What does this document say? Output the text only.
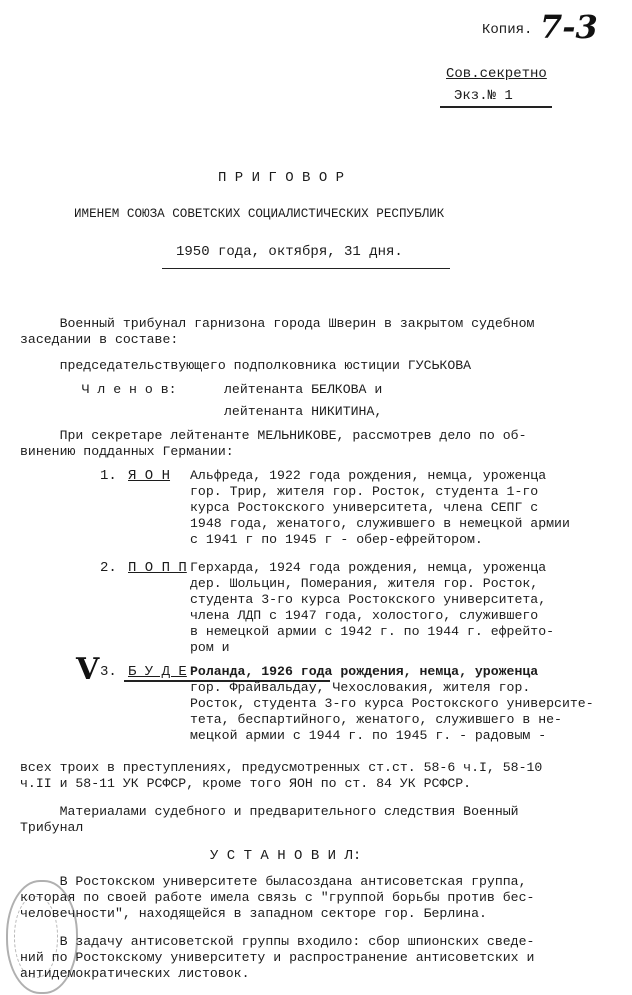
Копия. 7-3
Сов.секретно
Экз.№ 1
П Р И Г О В О Р
ИМЕНЕМ СОЮЗА СОВЕТСКИХ СОЦИАЛИСТИЧЕСКИХ РЕСПУБЛИК
1950 года, октября, 31 дня.
Военный трибунал гарнизона города Шверин в закрытом судебном
заседании в составе:
председательствующего подполковника юстиции ГУСЬКОВА
Ч л е н о в:      лейтенанта БЕЛКОВА и
лейтенанта НИКИТИНА,
При секретаре лейтенанте МЕЛЬНИКОВЕ, рассмотрев дело по об-
винению подданных Германии:
1. Я О Н Альфреда, 1922 года рождения, немца, уроженца
гор. Трир, жителя гор. Росток, студента 1-го
курса Ростокского университета, члена СЕПГ с
1948 года, женатого, служившего в немецкой армии
с 1941 г по 1945 г - обер-ефрейтором.
2. П О П П Герхарда, 1924 года рождения, немца, уроженца
дер. Шольцин, Померания, жителя гор. Росток,
студента 3-го курса Ростокского университета,
члена ЛДП с 1947 года, холостого, служившего
в немецкой армии с 1942 г. по 1944 г. ефрейто-
ром и
V 3. Б У Д Е Роланда, 1926 года рождения, немца, уроженца
гор. Фрайвальдау, Чехословакия, жителя гор.
Росток, студента 3-го курса Ростокского университе-
тета, беспартийного, женатого, служившего в не-
мецкой армии с 1944 г. по 1945 г. - радовым -
всех троих в преступлениях, предусмотренных ст.ст. 58-6 ч.I, 58-10
ч.II и 58-11 УК РСФСР, кроме того ЯОН по ст. 84 УК РСФСР.
Материалами судебного и предварительного следствия Военный
Трибунал
У С Т А Н О В И Л:
В Ростокском университете быласоздана антисоветская группа,
которая по своей работе имела связь с "группой борьбы против бес-
человечности", находящейся в западном секторе гор. Берлина.
В задачу антисоветской группы входило: сбор шпионских сведе-
ний по Ростокскому университету и распространение антисоветских и
антидемократических листовок.
